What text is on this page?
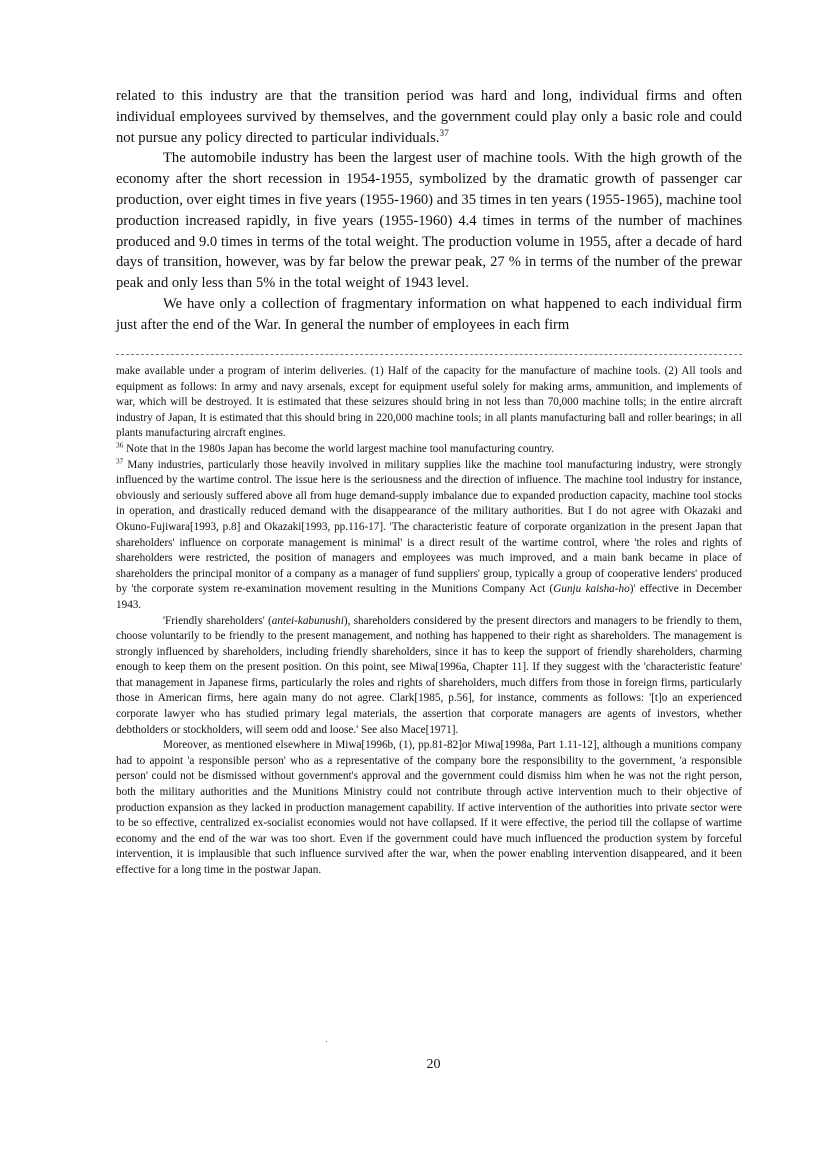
related to this industry are that the transition period was hard and long, individual firms and often individual employees survived by themselves, and the government could play only a basic role and could not pursue any policy directed to particular individuals.$^{37}$

The automobile industry has been the largest user of machine tools. With the high growth of the economy after the short recession in 1954-1955, symbolized by the dramatic growth of passenger car production, over eight times in five years (1955-1960) and 35 times in ten years (1955-1965), machine tool production increased rapidly, in five years (1955-1960) 4.4 times in terms of the number of machines produced and 9.0 times in terms of the total weight. The production volume in 1955, after a decade of hard days of transition, however, was by far below the prewar peak, 27 % in terms of the number of the prewar peak and only less than 5% in the total weight of 1943 level.

We have only a collection of fragmentary information on what happened to each individual firm just after the end of the War. In general the number of employees in each firm

make available under a program of interim deliveries. (1) Half of the capacity for the manufacture of machine tools. (2) All tools and equipment as follows: In army and navy arsenals, except for equipment useful solely for making arms, ammunition, and implements of war, which will be destroyed. It is estimated that these seizures should bring in not less than 70,000 machine tolls; in the entire aircraft industry of Japan, It is estimated that this should bring in 220,000 machine tools; in all plants manufacturing ball and roller bearings; in all plants manufacturing aircraft engines.

$^{36}$ Note that in the 1980s Japan has become the world largest machine tool manufacturing country.

$^{37}$ Many industries, particularly those heavily involved in military supplies like the machine tool manufacturing industry, were strongly influenced by the wartime control. The issue here is the seriousness and the direction of influence. The machine tool industry for instance, obviously and seriously suffered above all from huge demand-supply imbalance due to expanded production capacity, machine tool stocks in operation, and drastically reduced demand with the disappearance of the military authorities. But I do not agree with Okazaki and Okuno-Fujiwara[1993, p.8] and Okazaki[1993, pp.116-17]. 'The characteristic feature of corporate organization in the present Japan that shareholders' influence on corporate management is minimal' is a direct result of the wartime control, where 'the roles and rights of shareholders were restricted, the position of managers and employees was much improved, and a main bank became in place of shareholders the principal monitor of a company as a manager of fund suppliers' group, typically a group of cooperative lenders' produced by 'the corporate system re-examination movement resulting in the Munitions Company Act (Gunju kaisha-ho)' effective in December 1943.

'Friendly shareholders' (antei-kabunushi), shareholders considered by the present directors and managers to be friendly to them, choose voluntarily to be friendly to the present management, and nothing has happened to their right as shareholders. The management is strongly influenced by shareholders, including friendly shareholders, since it has to keep the support of friendly shareholders, charming enough to keep them on the present position. On this point, see Miwa[1996a, Chapter 11]. If they suggest with the 'characteristic feature' that management in Japanese firms, particularly the roles and rights of shareholders, much differs from those in foreign firms, particularly those in American firms, here again many do not agree. Clark[1985, p.56], for instance, comments as follows: '[t]o an experienced corporate lawyer who has studied primary legal materials, the assertion that corporate managers are agents of investors, whether debtholders or stockholders, will seem odd and loose.' See also Mace[1971].

Moreover, as mentioned elsewhere in Miwa[1996b, (1), pp.81-82]or Miwa[1998a, Part 1.11-12], although a munitions company had to appoint 'a responsible person' who as a representative of the company bore the responsibility to the government, 'a responsible person' could not be dismissed without government's approval and the government could dismiss him when he was not the right person, both the military authorities and the Munitions Ministry could not contribute through active intervention much to their objective of production expansion as they lacked in production management capability. If active intervention of the authorities into private sector were to be so effective, centralized ex-socialist economies would not have collapsed. If it were effective, the period till the collapse of wartime economy and the end of the war was too short. Even if the government could have much influenced the production system by forceful intervention, it is implausible that such influence survived after the war, when the power enabling intervention disappeared, and it been effective for a long time in the postwar Japan.

20
